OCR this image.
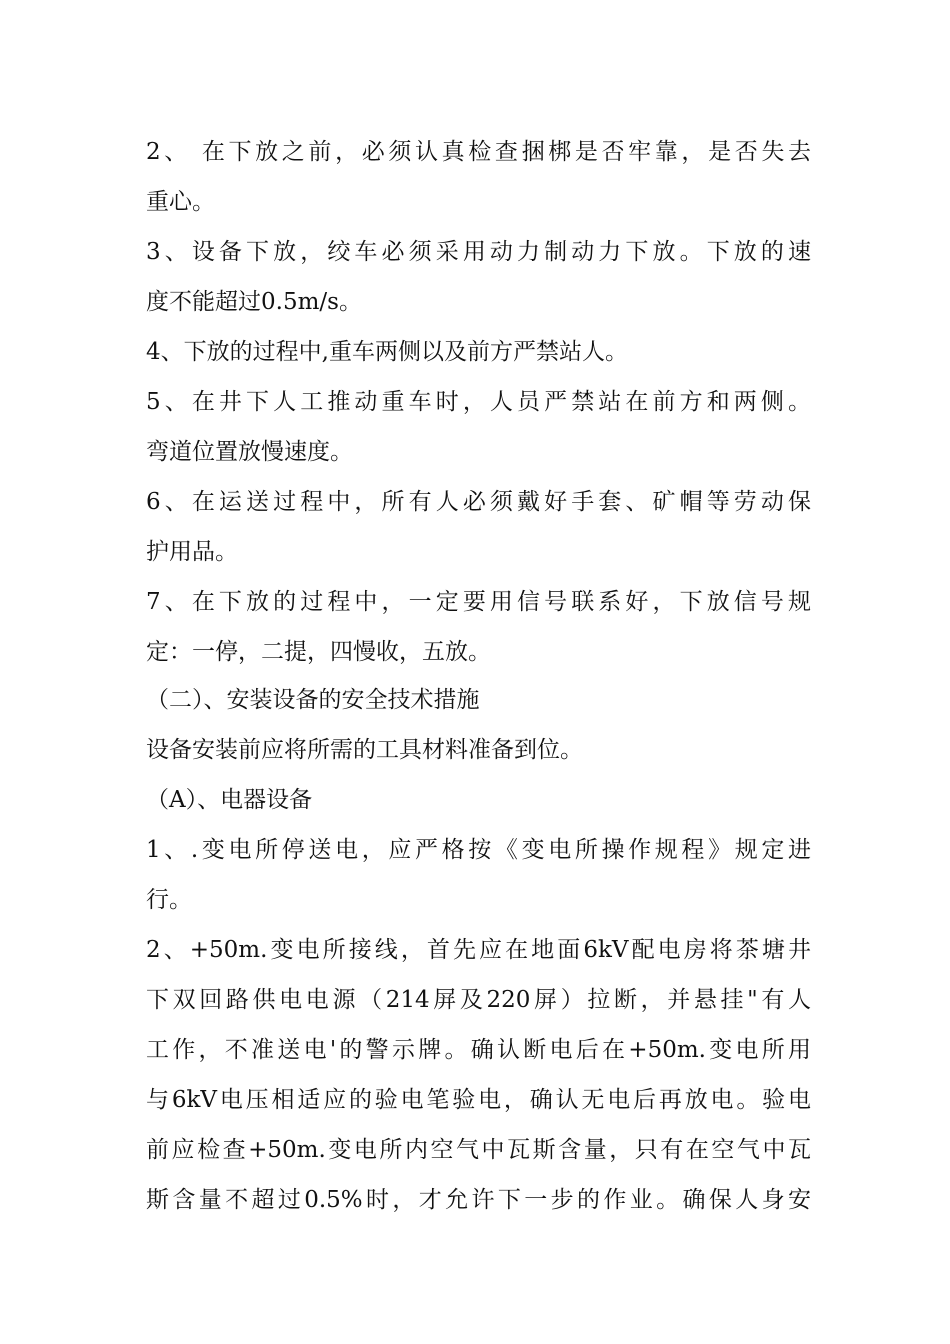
2、 在下放之前，必须认真检查捆梆是否牢靠，是否失去
重心。
3、设备下放，绞车必须采用动力制动力下放。下放的速
度不能超过0.5m/s。
4、下放的过程中,重车两侧以及前方严禁站人。
5、在井下人工推动重车时，人员严禁站在前方和两侧。
弯道位置放慢速度。
6、在运送过程中，所有人必须戴好手套、矿帽等劳动保
护用品。
7、在下放的过程中，一定要用信号联系好，下放信号规
定：一停，二提，四慢收，五放。
（二）、安装设备的安全技术措施
设备安装前应将所需的工具材料准备到位。
（A）、电器设备
1、.变电所停送电，应严格按《变电所操作规程》规定进
行。
2、+50m.变电所接线，首先应在地面6kV配电房将茶塘井
下双回路供电电源（214屏及220屏）拉断，并悬挂"有人
工作，不准送电'的警示牌。确认断电后在+50m.变电所用
与6kV电压相适应的验电笔验电，确认无电后再放电。验电
前应检查+50m.变电所内空气中瓦斯含量，只有在空气中瓦
斯含量不超过0.5%时，才允许下一步的作业。确保人身安
